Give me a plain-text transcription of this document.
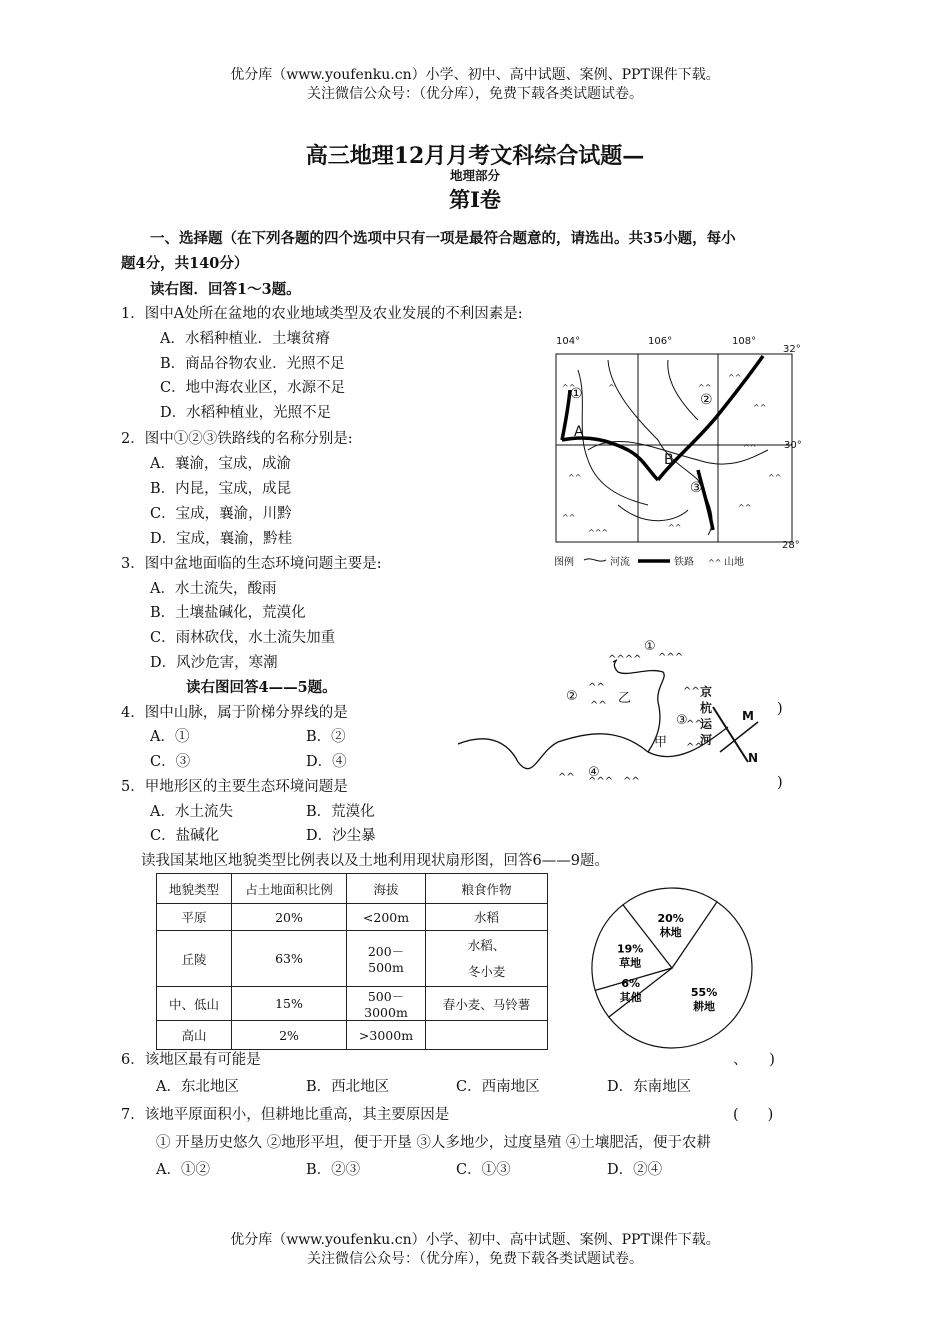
优分库（www.youfenku.cn）小学、初中、高中试题、案例、PPT课件下载。
关注微信公众号：（优分库），免费下载各类试题试卷。
高三地理12月月考文科综合试题—
地理部分
第Ⅰ卷
一、选择题（在下列各题的四个选项中只有一项是最符合题意的，请选出。共35小题，每小
题4分，共140分）
读右图．回答1～3题。
1．图中A处所在盆地的农业地域类型及农业发展的不利因素是:
A．水稻种植业．土壤贫瘠
B．商品谷物农业．光照不足
C．地中海农业区，水源不足
D．水稻种植业，光照不足
2．图中①②③铁路线的名称分别是:
A．襄渝，宝成，成渝
B．内昆，宝成，成昆
C．宝成，襄渝，川黔
D．宝成，襄渝，黔桂
3．图中盆地面临的生态环境问题主要是:
A．水土流失，酸雨
B．土壤盐碱化，荒漠化
C．雨林砍伐，水土流失加重
D．风沙危害，寒潮
读右图回答4——5题。
4．图中山脉，属于阶梯分界线的是	)
A．①	B．②
C．③	D．④
5．甲地形区的主要生态环境问题是	)
A．水土流失	B．荒漠化
C．盐碱化	D．沙尘暴
读我国某地区地貌类型比例表以及土地利用现状扇形图，回答6——9题。
地貌类型	占土地面积比例	海拔	粮食作物
平原	20%	<200m	水稻
丘陵	63%	200－500m	水稻、
冬小麦

中、低山	15%	500－3000m	春小麦、马铃薯
高山	2%	>3000m	
6．该地区最有可能是	、　　)
A．东北地区	B．西北地区	C．西南地区	D．东南地区
7．该地平原面积小，但耕地比重高，其主要原因是	(　　)
① 开垦历史悠久 ②地形平坦，便于开垦 ③人多地少，过度垦殖 ④土壤肥活，便于农耕
A．①②	B．②③	C．①③	D．②④
优分库（www.youfenku.cn）小学、初中、高中试题、案例、PPT课件下载。
关注微信公众号：（优分库），免费下载各类试题试卷。
^^
^^
^^
^^^
^^
^^
^^
^^
^^
^^
^^
^
104°	106°	108°
32°
30°
28°
①	②
③
A
B
图例	河流	铁路 ^^ 山地
^^^^ ^^^
^^
^^
^^
^^
^^
^^ ^^^ ^^
①
②
③
④
乙
甲
京
杭
运
河
M
N
55%
耕地
6%
其他
19%
草地
20%
林地
